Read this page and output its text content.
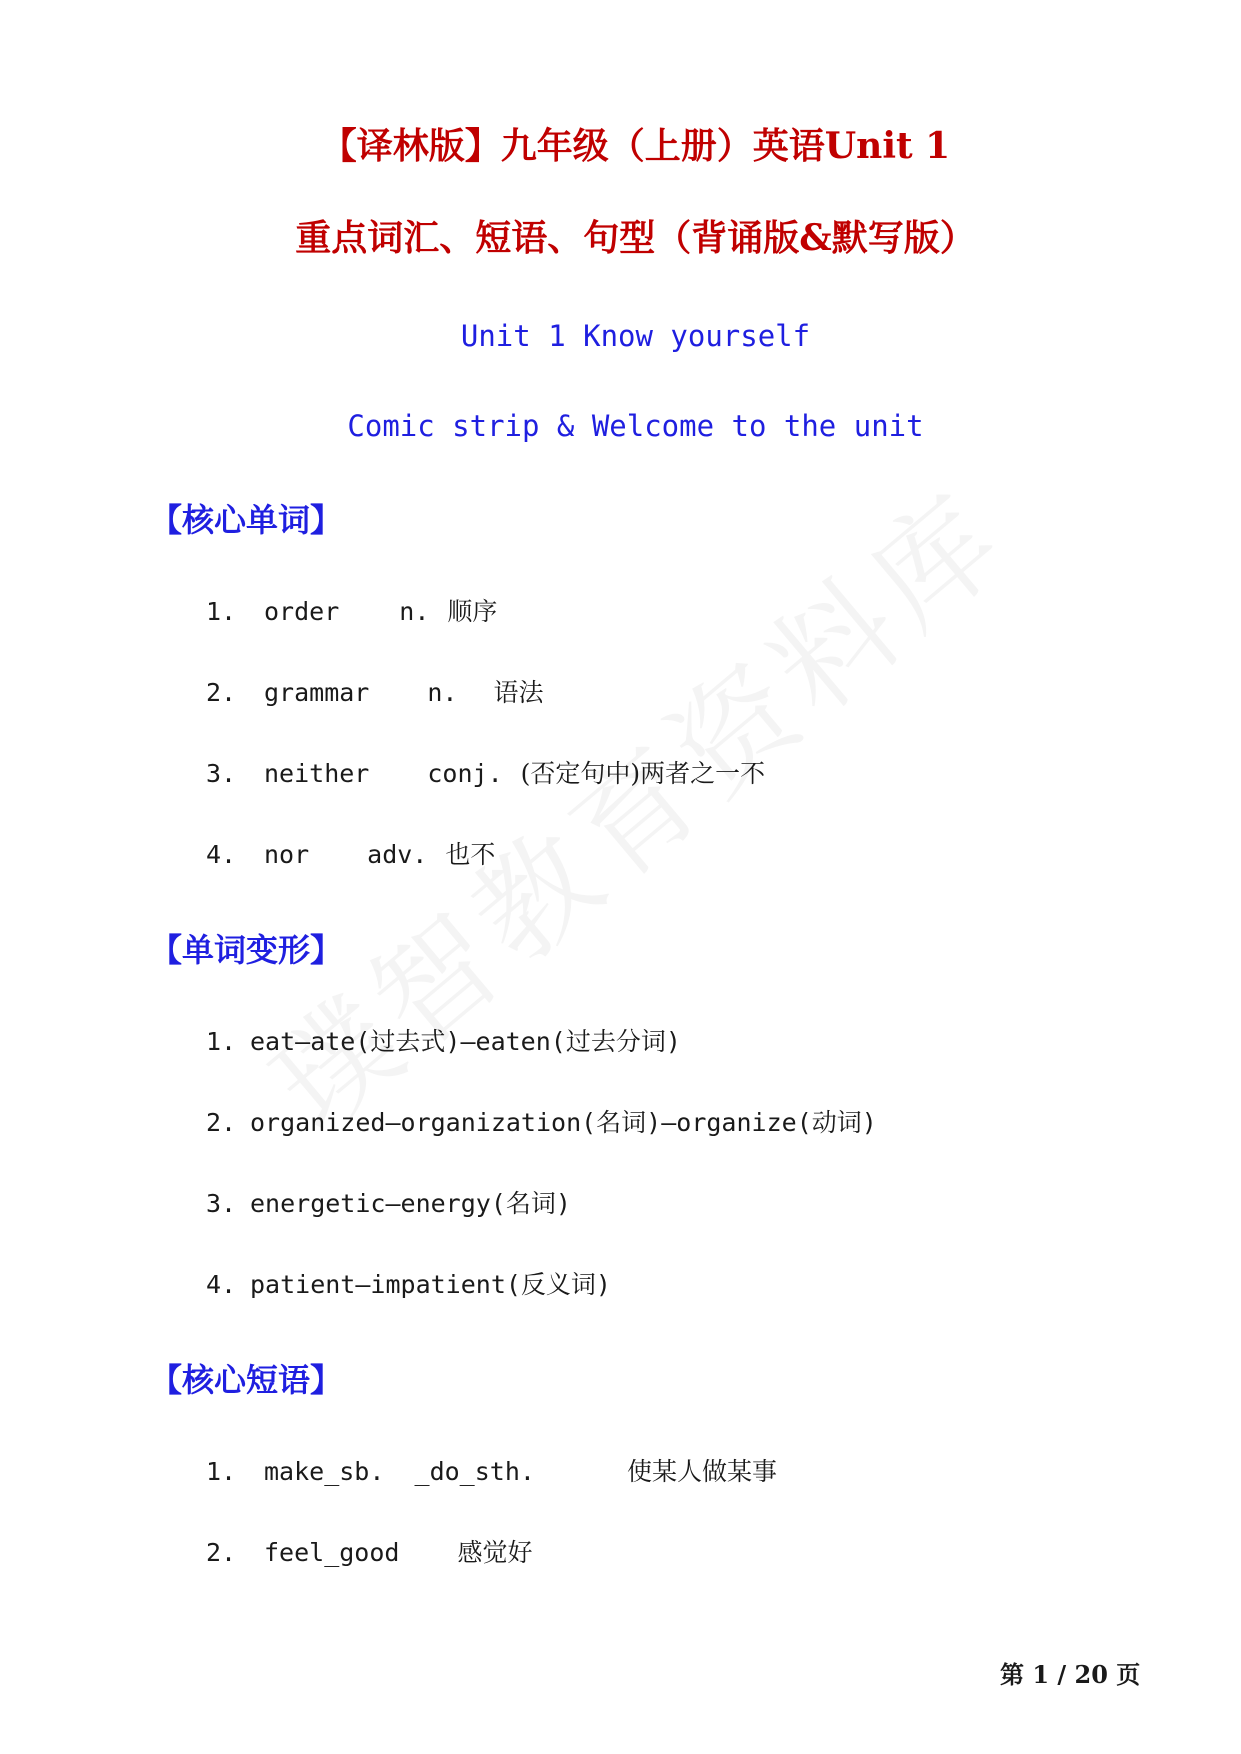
【译林版】九年级（上册）英语Unit 1
重点词汇、短语、句型（背诵版&默写版）
Unit 1 Know yourself
Comic strip & Welcome to the unit
【核心单词】
1. order n. 顺序
2. grammar n. 语法
3. neither conj. (否定句中)两者之一不
4. nor adv. 也不
【单词变形】
1. eat—ate(过去式)—eaten(过去分词)
2. organized—organization(名词)—organize(动词)
3. energetic—energy(名词)
4. patient—impatient(反义词)
【核心短语】
1. make_sb.  _do_sth.	使某人做某事
2. feel_good 感觉好
第 1 / 20 页
